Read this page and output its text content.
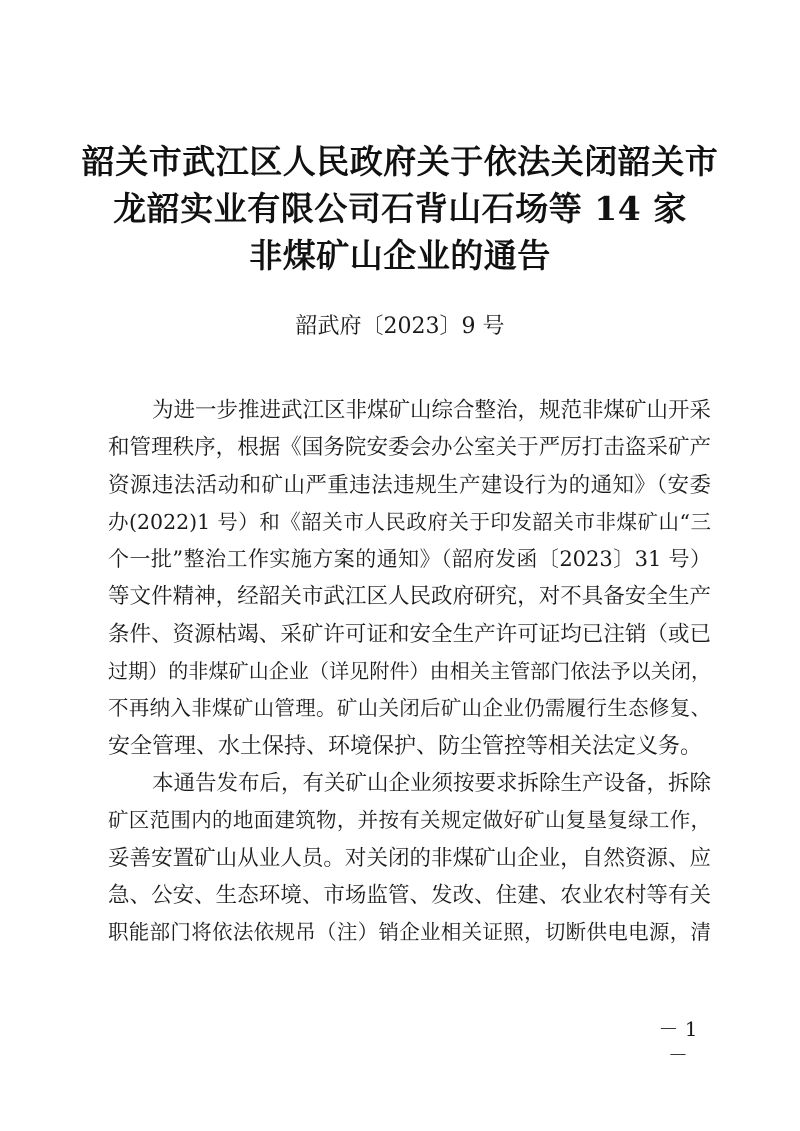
韶关市武江区人民政府关于依法关闭韶关市
龙韶实业有限公司石背山石场等 14 家
非煤矿山企业的通告
韶武府〔2023〕9 号
为进一步推进武江区非煤矿山综合整治，规范非煤矿山开采
和管理秩序，根据《国务院安委会办公室关于严厉打击盗采矿产
资源违法活动和矿山严重违法违规生产建设行为的通知》（安委
办(2022)1 号）和《韶关市人民政府关于印发韶关市非煤矿山“三
个一批”整治工作实施方案的通知》（韶府发函〔2023〕31 号）
等文件精神，经韶关市武江区人民政府研究，对不具备安全生产
条件、资源枯竭、采矿许可证和安全生产许可证均已注销（或已
过期）的非煤矿山企业（详见附件）由相关主管部门依法予以关闭，
不再纳入非煤矿山管理。矿山关闭后矿山企业仍需履行生态修复、
安全管理、水土保持、环境保护、防尘管控等相关法定义务。
本通告发布后，有关矿山企业须按要求拆除生产设备，拆除
矿区范围内的地面建筑物，并按有关规定做好矿山复垦复绿工作，
妥善安置矿山从业人员。对关闭的非煤矿山企业，自然资源、应
急、公安、生态环境、市场监管、发改、住建、农业农村等有关
职能部门将依法依规吊（注）销企业相关证照，切断供电电源，清
－ 1 －
